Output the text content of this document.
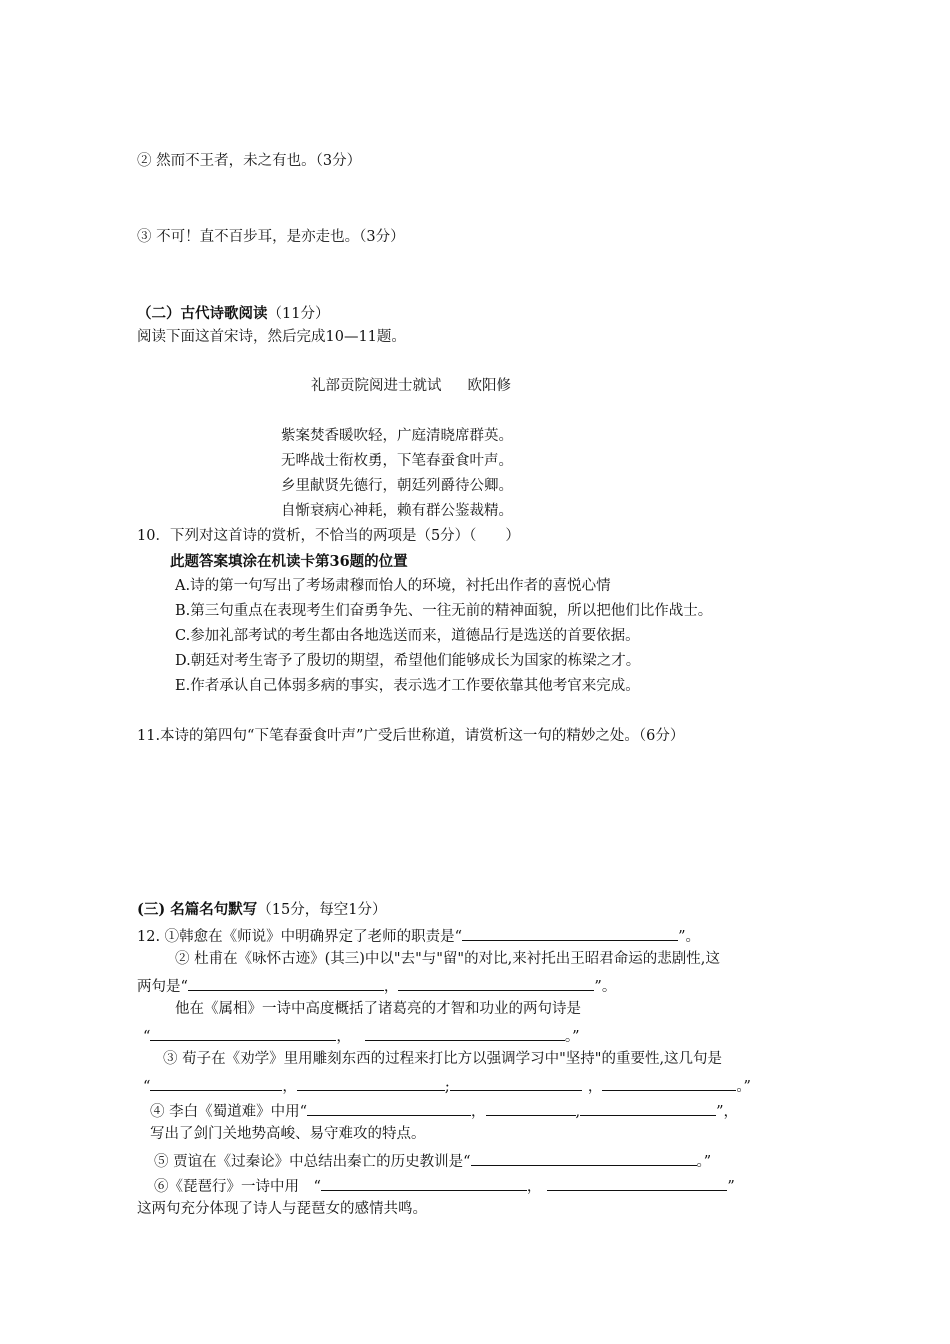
② 然而不王者，未之有也。（3分）
③ 不可！直不百步耳，是亦走也。（3分）
（二）古代诗歌阅读（11分）
阅读下面这首宋诗，然后完成10—11题。
礼部贡院阅进士就试 欧阳修
紫案焚香暖吹轻，广庭清晓席群英。
无哗战士衔枚勇，下笔春蚕食叶声。
乡里献贤先德行，朝廷列爵待公卿。
自惭衰病心神耗，赖有群公鉴裁精。
10．下列对这首诗的赏析，不恰当的两项是（5分）（　　）
此题答案填涂在机读卡第36题的位置
A.诗的第一句写出了考场肃穆而怡人的环境，衬托出作者的喜悦心情
B.第三句重点在表现考生们奋勇争先、一往无前的精神面貌，所以把他们比作战士。
C.参加礼部考试的考生都由各地选送而来，道德品行是选送的首要依据。
D.朝廷对考生寄予了殷切的期望，希望他们能够成长为国家的栋梁之才。
E.作者承认自己体弱多病的事实，表示选才工作要依靠其他考官来完成。
11.本诗的第四句“下笔春蚕食叶声”广受后世称道，请赏析这一句的精妙之处。（6分）
(三) 名篇名句默写（15分，每空1分）
12. ①韩愈在《师说》中明确界定了老师的职责是“	”。
② 杜甫在《咏怀古迹》(其三)中以"去"与"留"的对比,来衬托出王昭君命运的悲剧性,这
两句是“	，	”。
他在《属相》一诗中高度概括了诸葛亮的才智和功业的两句诗是
“	，	。”
③ 荀子在《劝学》里用雕刻东西的过程来打比方以强调学习中"坚持"的重要性,这几句是
“	，	;	，	。”
④ 李白《蜀道难》中用“	，	,	”，
写出了剑门关地势高峻、易守难攻的特点。
⑤ 贾谊在《过秦论》中总结出秦亡的历史教训是“	。”
⑥《琵琶行》一诗中用　“	，	”
这两句充分体现了诗人与琵琶女的感情共鸣。
